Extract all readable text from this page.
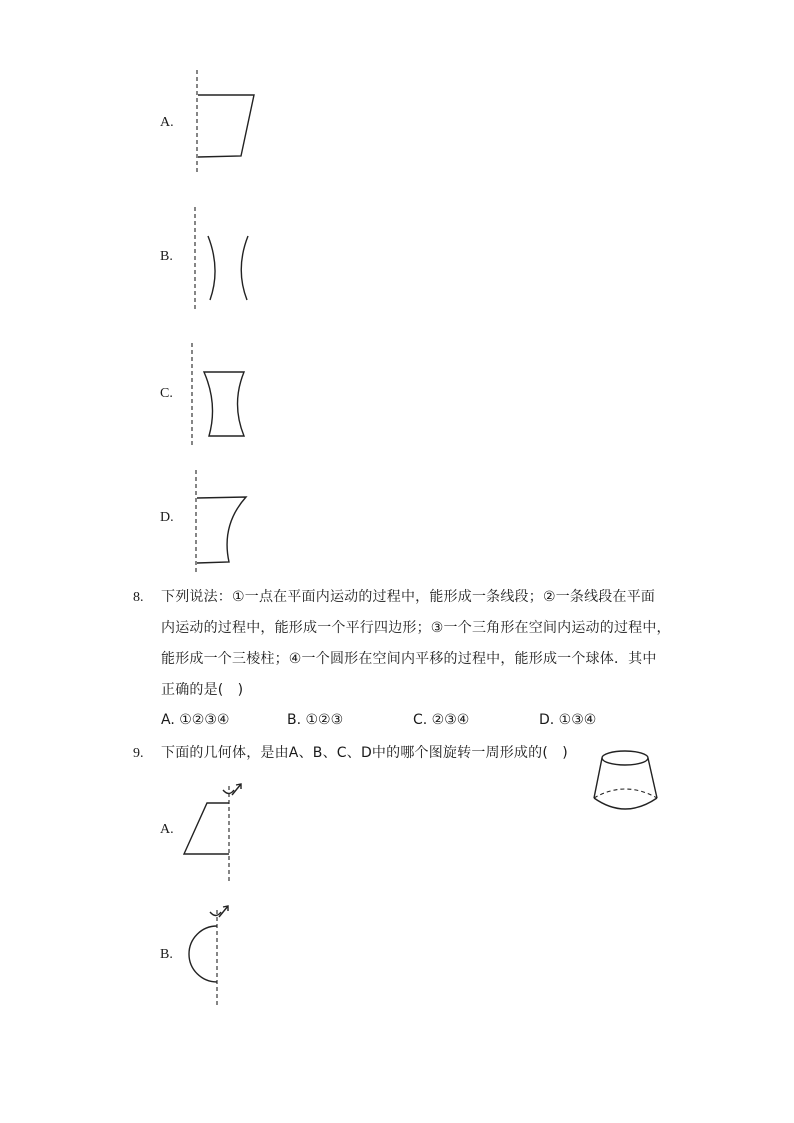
A.
B.
C.
D.
8. 下列说法：①一点在平面内运动的过程中，能形成一条线段；②一条线段在平面
内运动的过程中，能形成一个平行四边形；③一个三角形在空间内运动的过程中，
能形成一个三棱柱；④一个圆形在空间内平移的过程中，能形成一个球体．其中
正确的是(　)
A. ①②③④	B. ①②③	C. ②③④	D. ①③④
9. 下面的几何体，是由A、B、C、D中的哪个图旋转一周形成的(　)
A.
B.
